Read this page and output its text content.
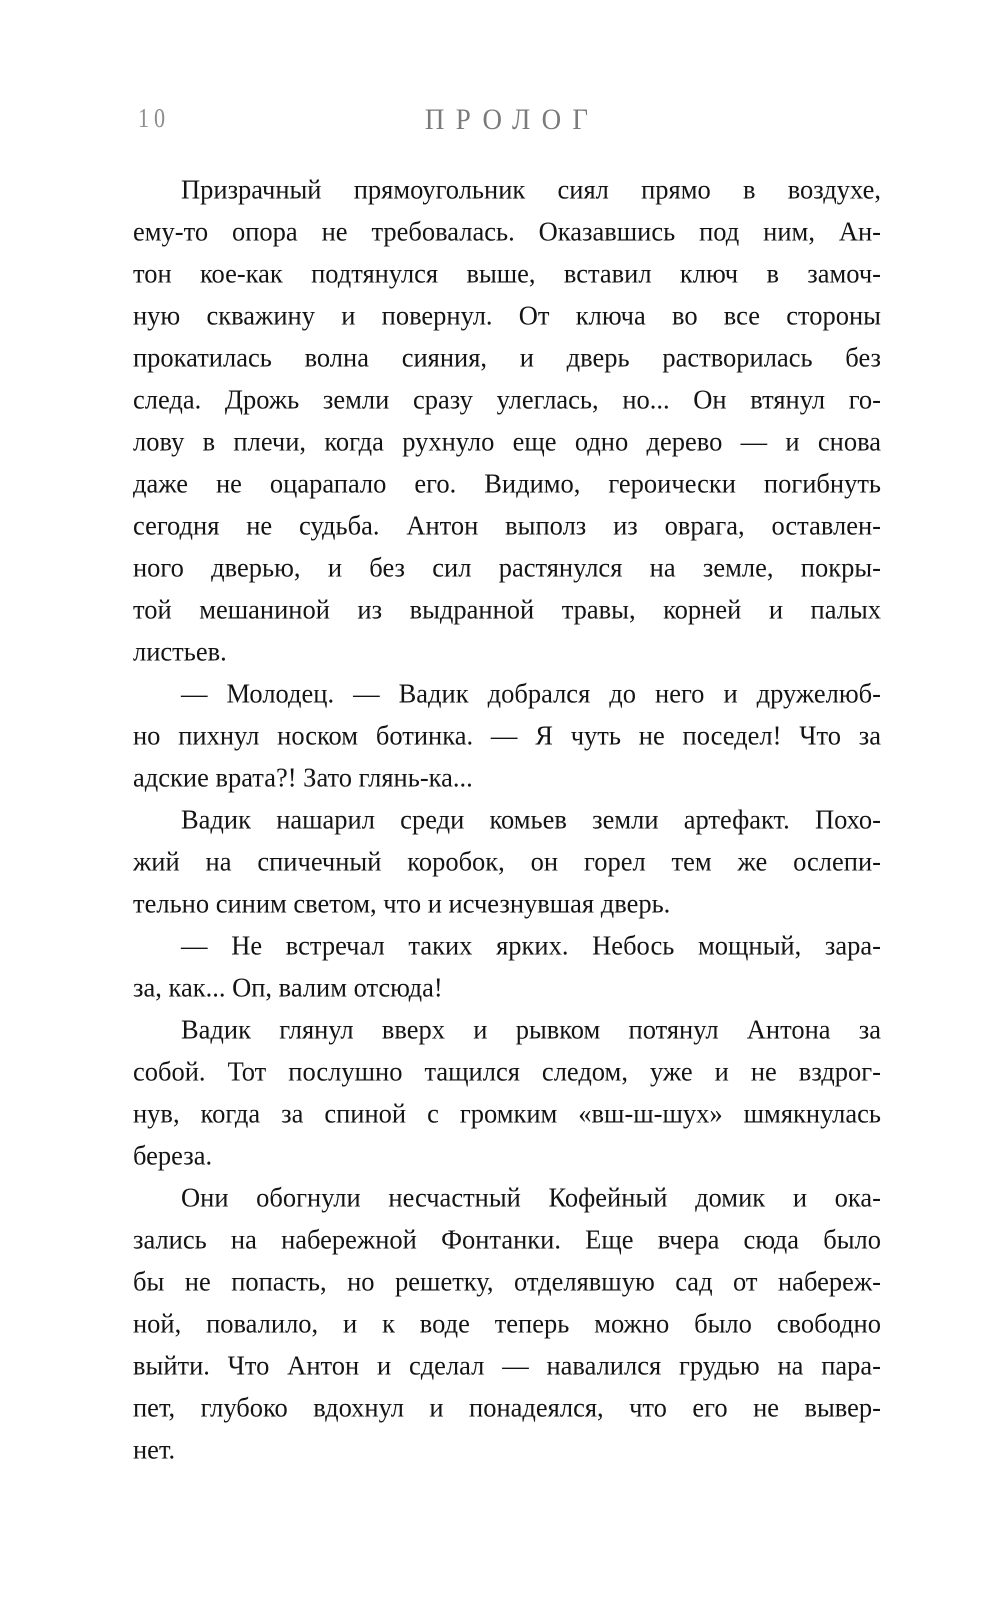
10	ПРОЛОГ
Призрачный прямоугольник сиял прямо в воздухе,
ему-то опора не требовалась. Оказавшись под ним, Ан-
тон кое-как подтянулся выше, вставил ключ в замоч-
ную скважину и повернул. От ключа во все стороны
прокатилась волна сияния, и дверь растворилась без
следа. Дрожь земли сразу улеглась, но... Он втянул го-
лову в плечи, когда рухнуло еще одно дерево — и снова
даже не оцарапало его. Видимо, героически погибнуть
сегодня не судьба. Антон выполз из оврага, оставлен-
ного дверью, и без сил растянулся на земле, покры-
той мешаниной из выдранной травы, корней и палых
листьев.
— Молодец. — Вадик добрался до него и дружелюб-
но пихнул носком ботинка. — Я чуть не поседел! Что за
адские врата?! Зато глянь-ка...
Вадик нашарил среди комьев земли артефакт. Похо-
жий на спичечный коробок, он горел тем же ослепи-
тельно синим светом, что и исчезнувшая дверь.
— Не встречал таких ярких. Небось мощный, зара-
за, как... Оп, валим отсюда!
Вадик глянул вверх и рывком потянул Антона за
собой. Тот послушно тащился следом, уже и не вздрог-
нув, когда за спиной с громким «вш-ш-шух» шмякнулась
береза.
Они обогнули несчастный Кофейный домик и ока-
зались на набережной Фонтанки. Еще вчера сюда было
бы не попасть, но решетку, отделявшую сад от набереж-
ной, повалило, и к воде теперь можно было свободно
выйти. Что Антон и сделал — навалился грудью на пара-
пет, глубоко вдохнул и понадеялся, что его не вывер-
нет.
